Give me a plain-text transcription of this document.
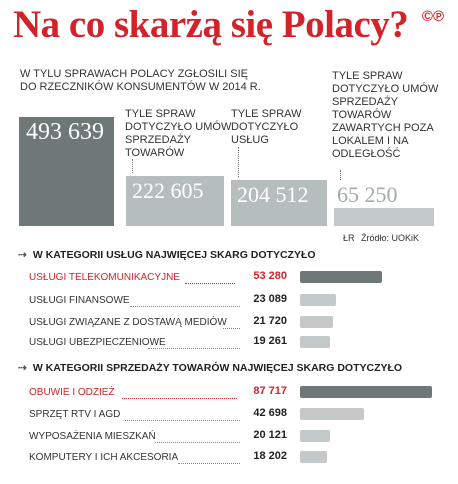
Na co skarżą się Polacy? ©℗
W TYLU SPRAWACH POLACY ZGŁOSILI SIĘ DO RZECZNIKÓW KONSUMENTÓW W 2014 R.
493 639
TYLE SPRAW DOTYCZYŁO UMÓW SPRZEDAŻY TOWARÓW
222 605
TYLE SPRAW DOTYCZYŁO USŁUG
204 512
TYLE SPRAW DOTYCZYŁO UMÓW SPRZEDAŻY TOWARÓW ZAWARTYCH POZA LOKALEM I NA ODLEGŁOŚĆ
65 250
ŁR Źródło: UOKiK
⇢ W KATEGORII USŁUG NAJWIĘCEJ SKARG DOTYCZYŁO
USŁUGI TELEKOMUNIKACYJNE	53 280
USŁUGI FINANSOWE	23 089
USŁUGI ZWIĄZANE Z DOSTAWĄ MEDIÓW	21 720
USŁUGI UBEZPIECZENIOWE	19 261
⇢ W KATEGORII SPRZEDAŻY TOWARÓW NAJWIĘCEJ SKARG DOTYCZYŁO
OBUWIE I ODZIEŻ	87 717
SPRZĘT RTV I AGD	42 698
WYPOSAŻENIA MIESZKAŃ	20 121
KOMPUTERY I ICH AKCESORIA	18 202
